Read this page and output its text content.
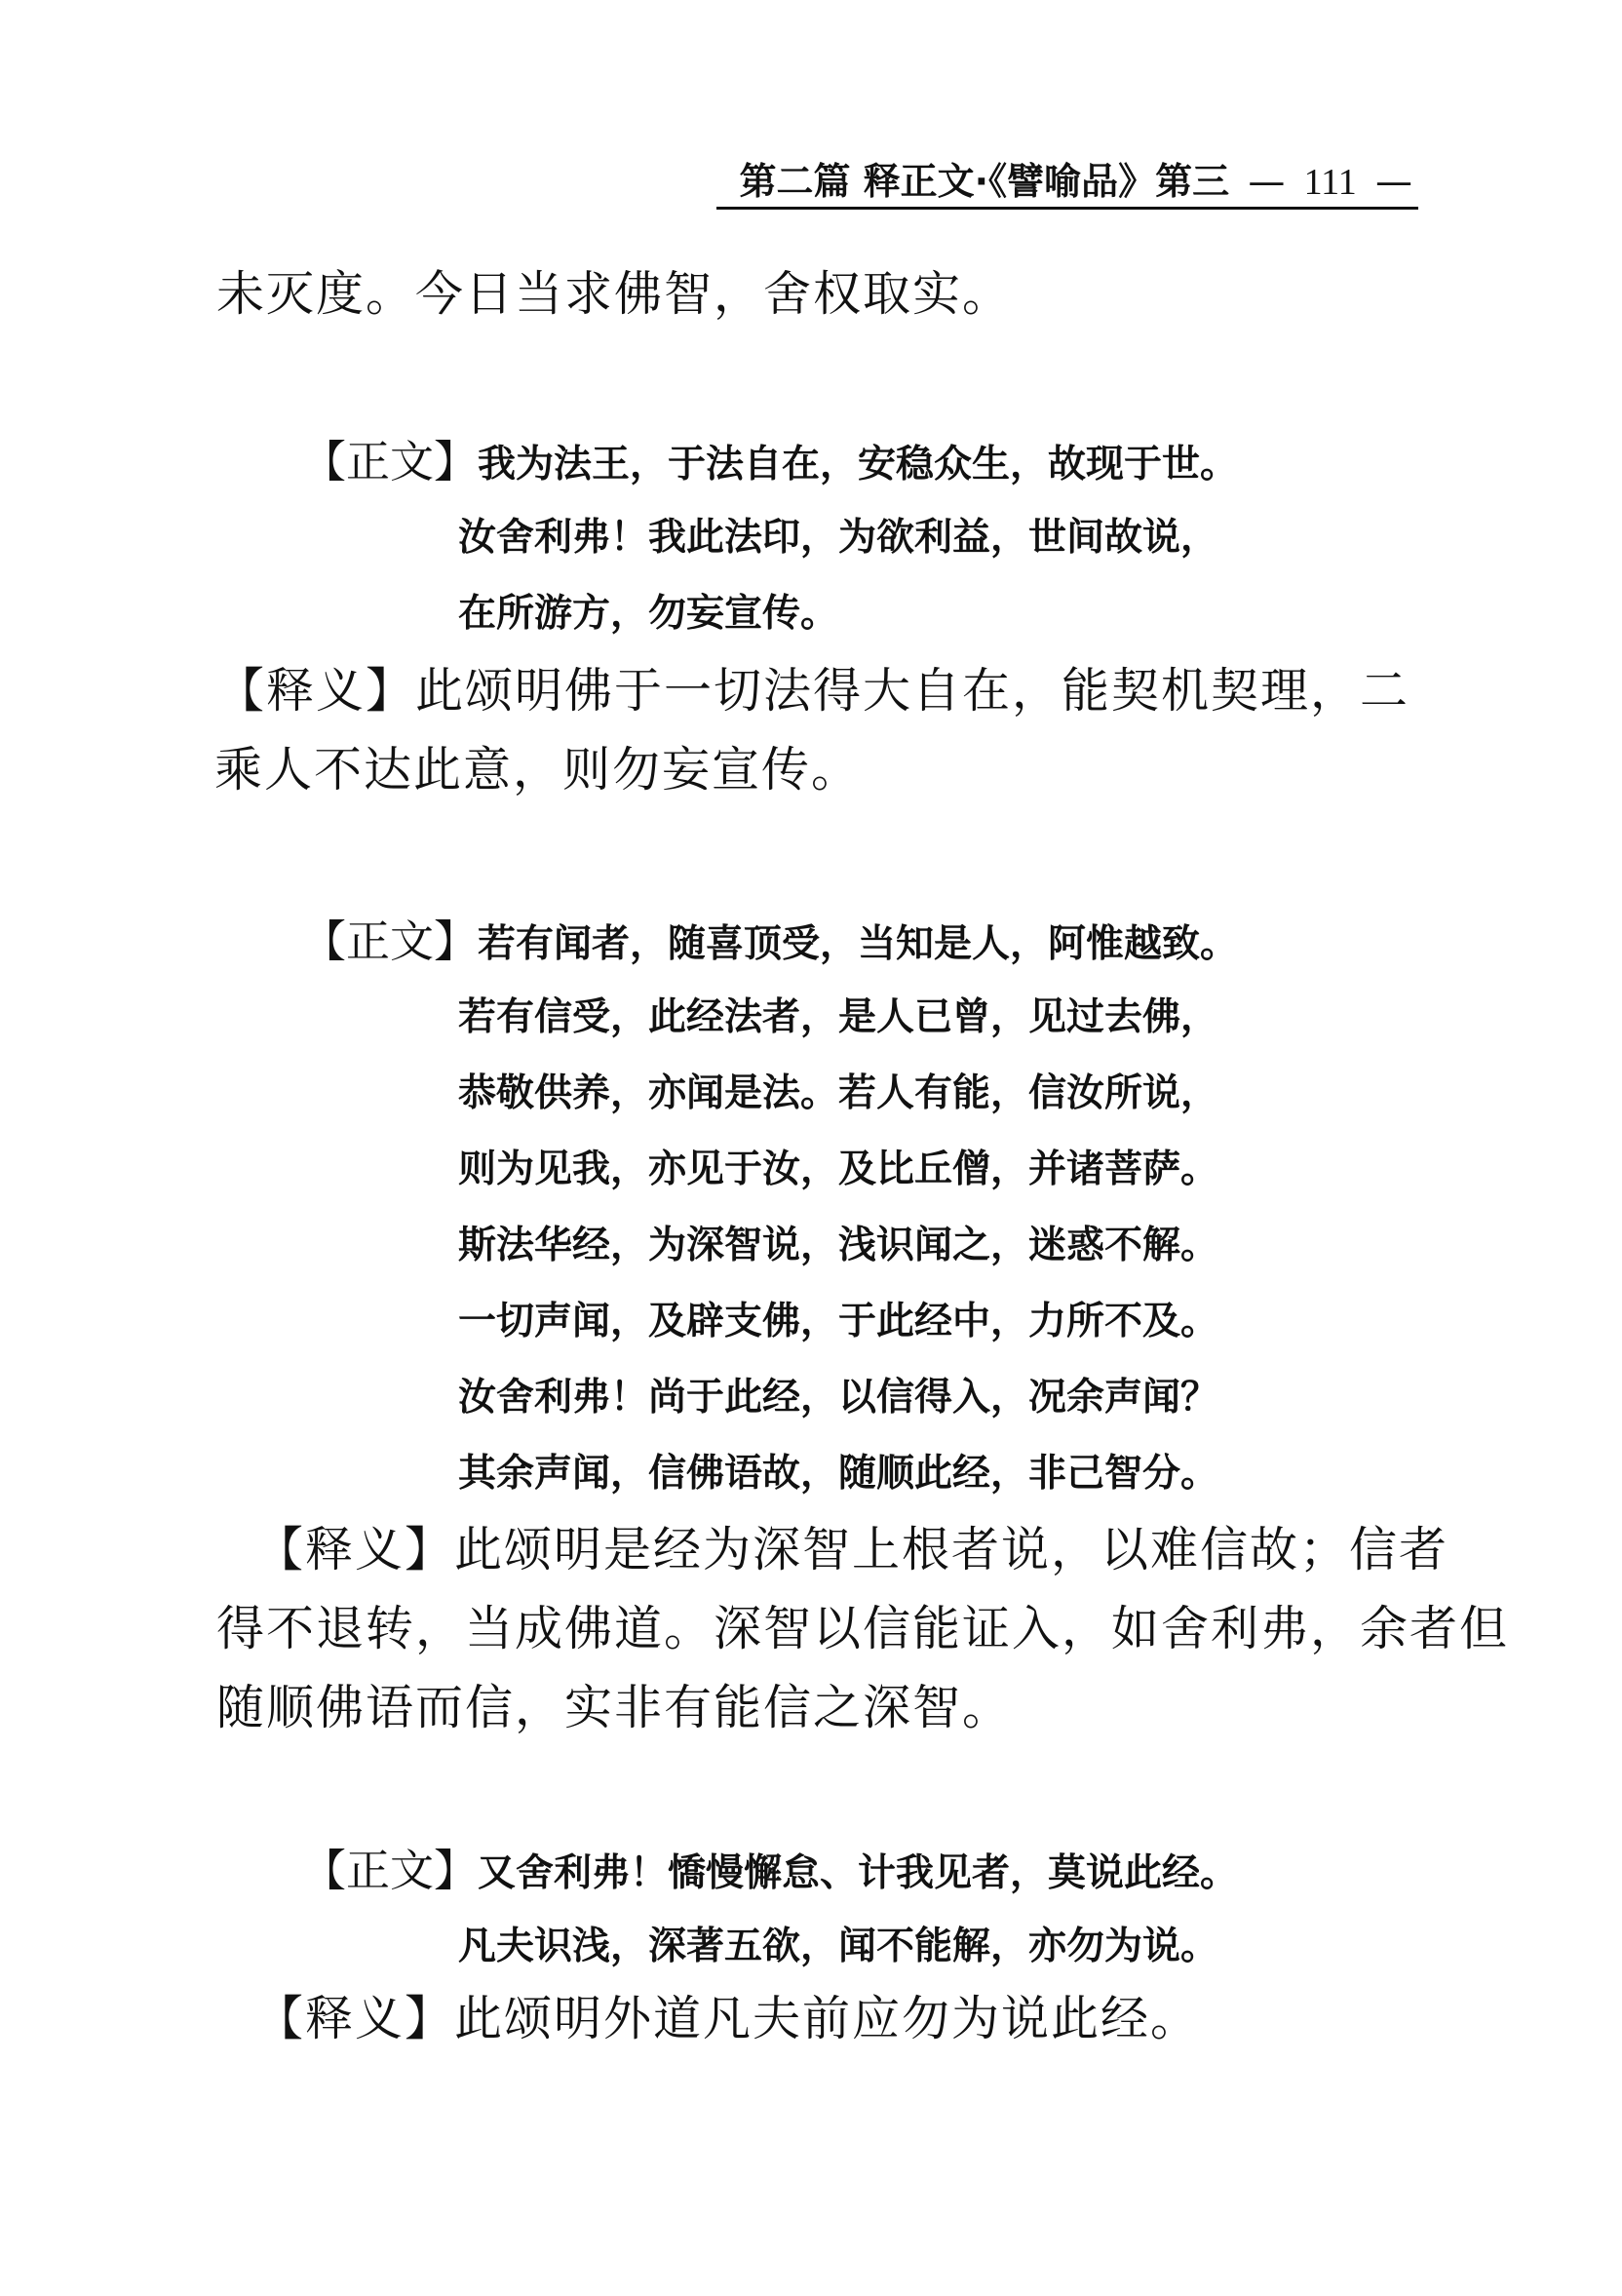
第二篇 释正文·《譬喻品》第三 — 111 —
未灭度。今日当求佛智，舍权取实。
【正文】我为法王，于法自在，安稳众生，故现于世。
汝舍利弗！我此法印，为欲利益，世间故说，
在所游方，勿妄宣传。
【释义】此颂明佛于一切法得大自在，能契机契理，二
乘人不达此意，则勿妄宣传。
【正文】若有闻者，随喜顶受，当知是人，阿惟越致。
若有信受，此经法者，是人已曾，见过去佛，
恭敬供养，亦闻是法。若人有能，信汝所说，
则为见我，亦见于汝，及比丘僧，并诸菩萨。
斯法华经，为深智说，浅识闻之，迷惑不解。
一切声闻，及辟支佛，于此经中，力所不及。
汝舍利弗！尚于此经，以信得入，况余声闻？
其余声闻，信佛语故，随顺此经，非己智分。
【释义】此颂明是经为深智上根者说，以难信故；信者
得不退转，当成佛道。深智以信能证入，如舍利弗，余者但
随顺佛语而信，实非有能信之深智。
【正文】又舍利弗！憍慢懈怠、计我见者，莫说此经。
凡夫识浅，深著五欲，闻不能解，亦勿为说。
【释义】此颂明外道凡夫前应勿为说此经。
